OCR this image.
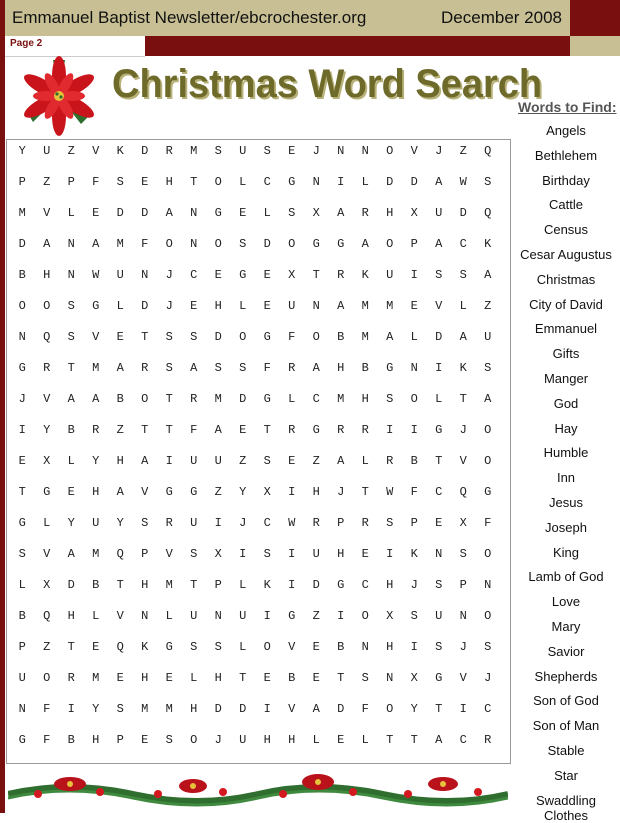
Emmanuel Baptist Newsletter/ebcrochester.org	December 2008
Page 2
Christmas Word Search
Y	U	Z	V	K	D	R	M	S	U	S	E	J	N	N	O	V	J	Z	Q
P	Z	P	F	S	E	H	T	O	L	C	G	N	I	L	D	D	A	W	S
M	V	L	E	D	D	A	N	G	E	L	S	X	A	R	H	X	U	D	Q
D	A	N	A	M	F	O	N	O	S	D	O	G	G	A	O	P	A	C	K
B	H	N	W	U	N	J	C	E	G	E	X	T	R	K	U	I	S	S	A
O	O	S	G	L	D	J	E	H	L	E	U	N	A	M	M	E	V	L	Z
N	Q	S	V	E	T	S	S	D	O	G	F	O	B	M	A	L	D	A	U
G	R	T	M	A	R	S	A	S	S	F	R	A	H	B	G	N	I	K	S
J	V	A	A	B	O	T	R	M	D	G	L	C	M	H	S	O	L	T	A
I	Y	B	R	Z	T	T	F	A	E	T	R	G	R	R	I	I	G	J	O
E	X	L	Y	H	A	I	U	U	Z	S	E	Z	A	L	R	B	T	V	O
T	G	E	H	A	V	G	G	Z	Y	X	I	H	J	T	W	F	C	Q	G
G	L	Y	U	Y	S	R	U	I	J	C	W	R	P	R	S	P	E	X	F
S	V	A	M	Q	P	V	S	X	I	S	I	U	H	E	I	K	N	S	O
L	X	D	B	T	H	M	T	P	L	K	I	D	G	C	H	J	S	P	N
B	Q	H	L	V	N	L	U	N	U	I	G	Z	I	O	X	S	U	N	O
P	Z	T	E	Q	K	G	S	S	L	O	V	E	B	N	H	I	S	J	S
U	O	R	M	E	H	E	L	H	T	E	B	E	T	S	N	X	G	V	J
N	F	I	Y	S	M	M	H	D	D	I	V	A	D	F	O	Y	T	I	C
G	F	B	H	P	E	S	O	J	U	H	H	L	E	L	T	T	A	C	R
Words to Find:
Angels
Bethlehem
Birthday
Cattle
Census
Cesar Augustus
Christmas
City of David
Emmanuel
Gifts
Manger
God
Hay
Humble
Inn
Jesus
Joseph
King
Lamb of God
Love
Mary
Savior
Shepherds
Son of God
Son of Man
Stable
Star
Swaddling Clothes
